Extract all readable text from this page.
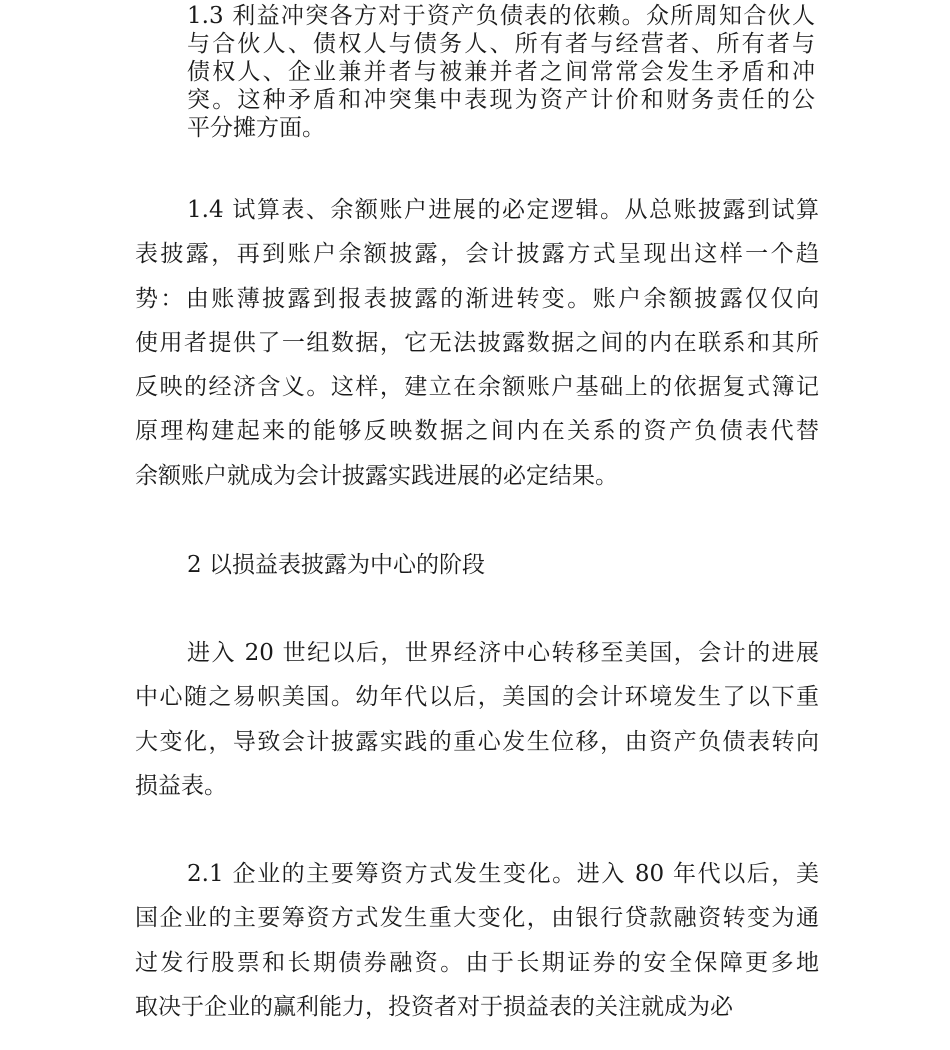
1.3 利益冲突各方对于资产负债表的依赖。众所周知合伙人
与合伙人、债权人与债务人、所有者与经营者、所有者与
债权人、企业兼并者与被兼并者之间常常会发生矛盾和冲
突。这种矛盾和冲突集中表现为资产计价和财务责任的公
平分摊方面。
1.4 试算表、余额账户进展的必定逻辑。从总账披露到试算
表披露，再到账户余额披露，会计披露方式呈现出这样一个趋
势：由账薄披露到报表披露的渐进转变。账户余额披露仅仅向
使用者提供了一组数据，它无法披露数据之间的内在联系和其所
反映的经济含义。这样，建立在余额账户基础上的依据复式簿记
原理构建起来的能够反映数据之间内在关系的资产负债表代替
余额账户就成为会计披露实践进展的必定结果。

2 以损益表披露为中心的阶段

进入 20 世纪以后，世界经济中心转移至美国，会计的进展
中心随之易帜美国。幼年代以后，美国的会计环境发生了以下重
大变化，导致会计披露实践的重心发生位移，由资产负债表转向
损益表。
2.1 企业的主要筹资方式发生变化。进入 80 年代以后，美
国企业的主要筹资方式发生重大变化，由银行贷款融资转变为通
过发行股票和长期债券融资。由于长期证券的安全保障更多地
取决于企业的赢利能力，投资者对于损益表的关注就成为必
